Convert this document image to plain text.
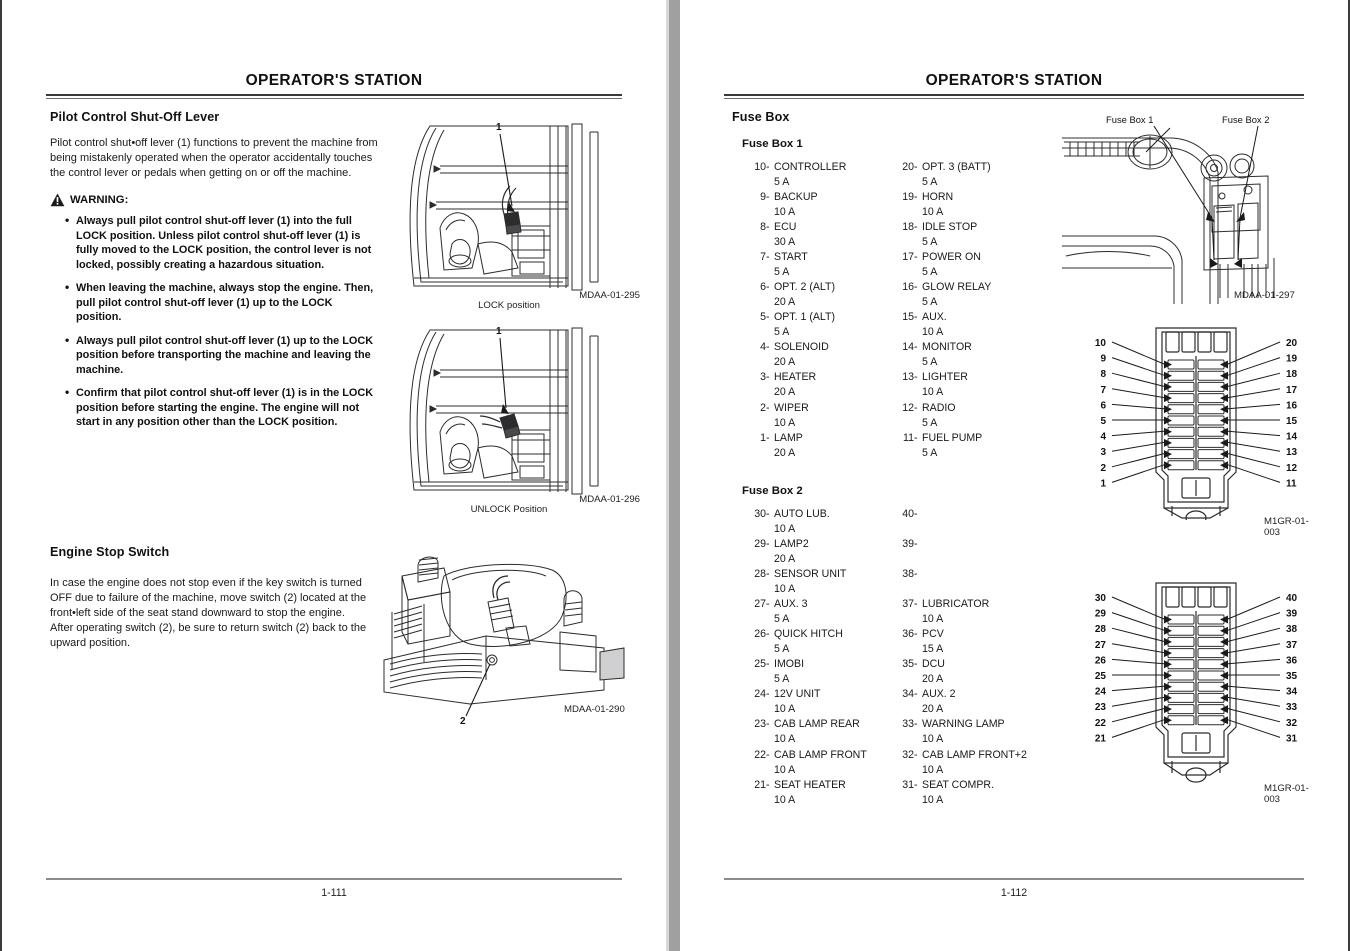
OPERATOR'S STATION
Pilot Control Shut-Off Lever
Pilot control shut•off lever (1) functions to prevent the machine from being mistakenly operated when the operator accidentally touches the control lever or pedals when getting on or off the machine.
WARNING:
• Always pull pilot control shut-off lever (1) into the full LOCK position. Unless pilot control shut-off lever (1) is fully moved to the LOCK position, the control lever is not locked, possibly creating a hazardous situation.
• When leaving the machine, always stop the engine. Then, pull pilot control shut-off lever (1) up to the LOCK position.
• Always pull pilot control shut-off lever (1) up to the LOCK position before transporting the machine and leaving the machine.
• Confirm that pilot control shut-off lever (1) is in the LOCK position before starting the engine. The engine will not start in any position other than the LOCK position.
1
LOCK position
MDAA-01-295
1
UNLOCK Position
MDAA-01-296
Engine Stop Switch
In case the engine does not stop even if the key switch is turned OFF due to failure of the machine, move switch (2) located at the front•left side of the seat stand downward to stop the engine.
After operating switch (2), be sure to return switch (2) back to the upward position.
2
MDAA-01-290
1-111
OPERATOR'S STATION
Fuse Box
Fuse Box 1
10 - CONTROLLER
5 A
9 - BACKUP
10 A
8 - ECU
30 A
7 - START
5 A
6 - OPT. 2 (ALT)
20 A
5 - OPT. 1 (ALT)
5 A
4 - SOLENOID
20 A
3 - HEATER
20 A
2 - WIPER
10 A
1 - LAMP
20 A
20 - OPT. 3 (BATT)
5 A
19 - HORN
10 A
18 - IDLE STOP
5 A
17 - POWER ON
5 A
16 - GLOW RELAY
5 A
15 - AUX.
10 A
14 - MONITOR
5 A
13 - LIGHTER
10 A
12 - RADIO
5 A
11 - FUEL PUMP
5 A
Fuse Box 2
30 - AUTO LUB.
10 A
29 - LAMP2
20 A
28 - SENSOR UNIT
10 A
27 - AUX. 3
5 A
26 - QUICK HITCH
5 A
25 - IMOBI
5 A
24 - 12V UNIT
10 A
23 - CAB LAMP REAR
10 A
22 - CAB LAMP FRONT
10 A
21 - SEAT HEATER
10 A
40 -

39 -

38 -

37 - LUBRICATOR
10 A
36 - PCV
15 A
35 - DCU
20 A
34 - AUX. 2
20 A
33 - WARNING LAMP
10 A
32 - CAB LAMP FRONT+2
10 A
31 - SEAT COMPR.
10 A
Fuse Box 1	Fuse Box 2
MDAA-01-297
10	20
9	19
8	18
7	17
6	16
5	15
4	14
3	13
2	12
1	11
M1GR-01-003
30	40
29	39
28	38
27	37
26	36
25	35
24	34
23	33
22	32
21	31
M1GR-01-003
1-112
